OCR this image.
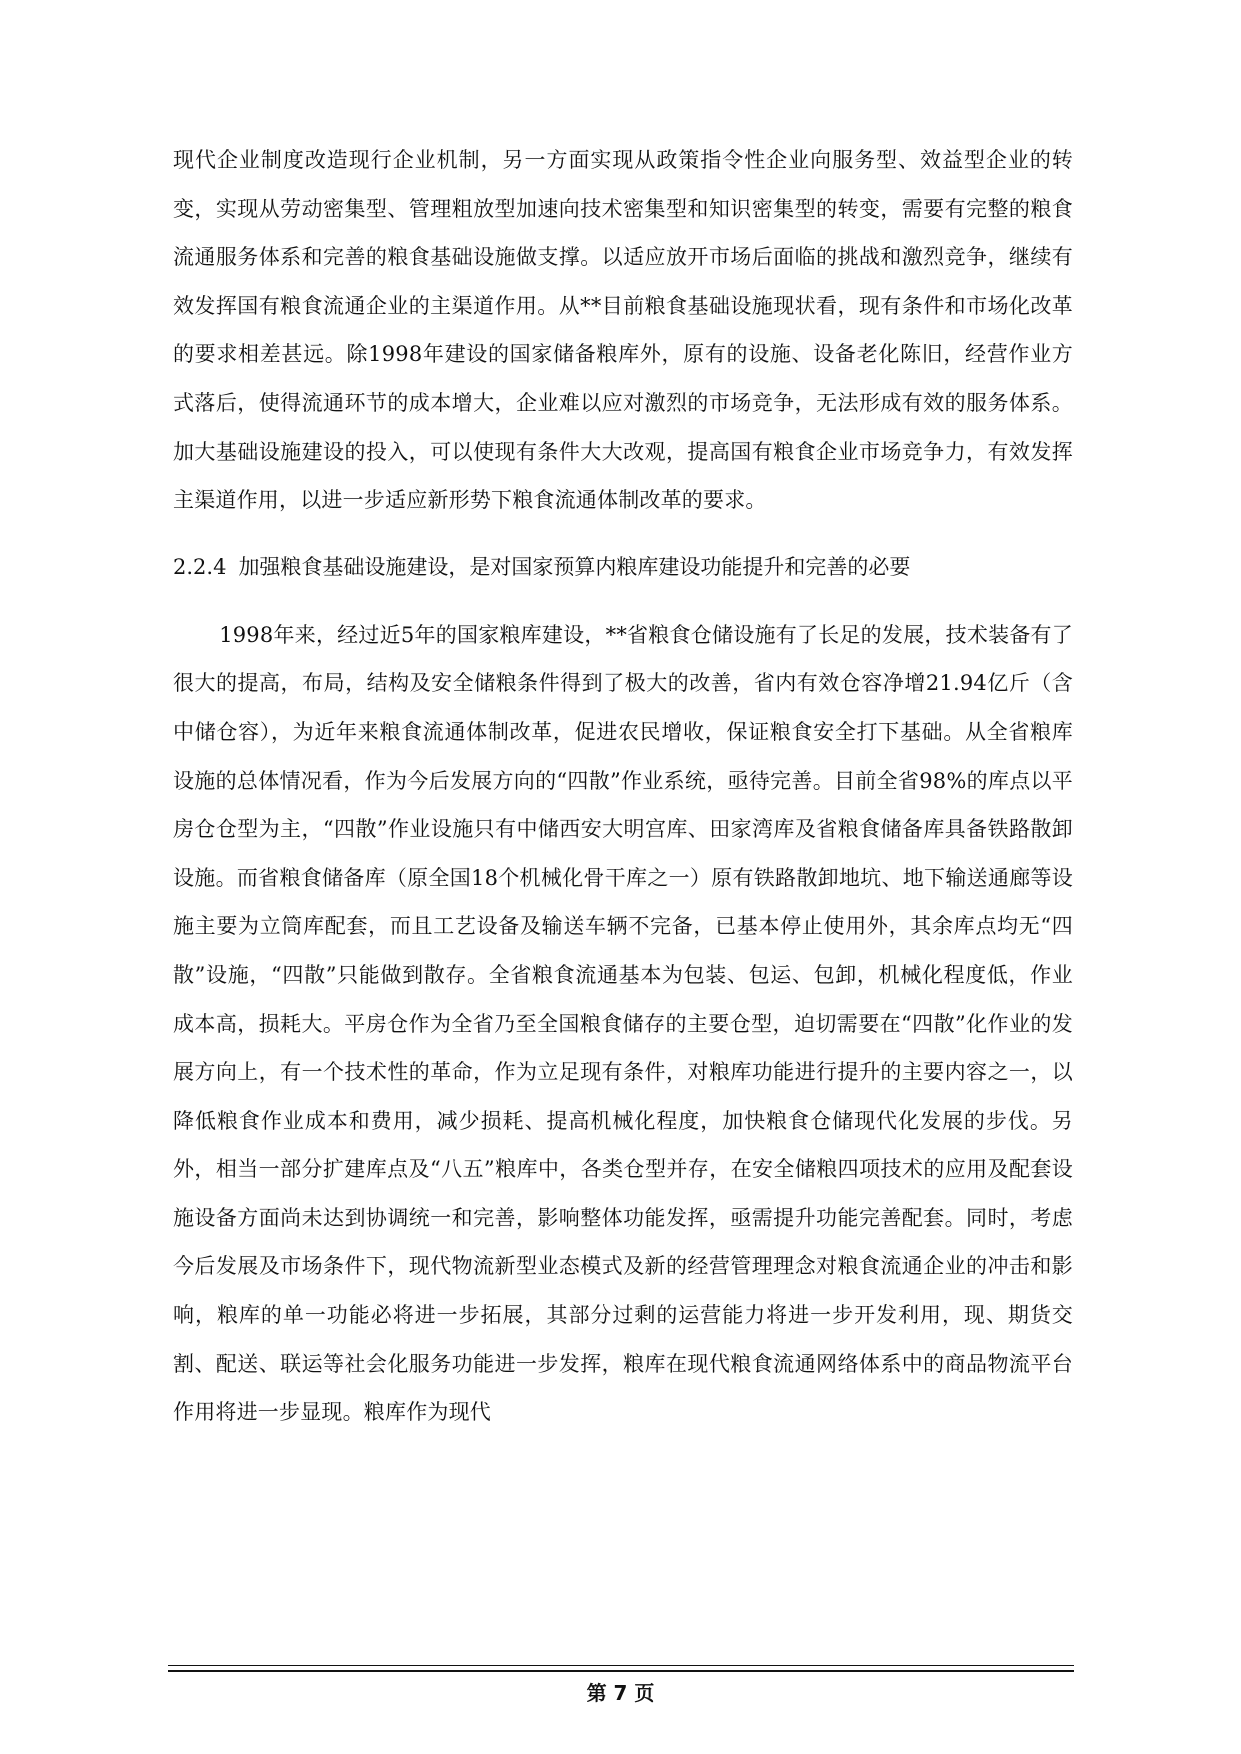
现代企业制度改造现行企业机制，另一方面实现从政策指令性企业向服务型、效益型企业的转变，实现从劳动密集型、管理粗放型加速向技术密集型和知识密集型的转变，需要有完整的粮食流通服务体系和完善的粮食基础设施做支撑。以适应放开市场后面临的挑战和激烈竞争，继续有效发挥国有粮食流通企业的主渠道作用。从**目前粮食基础设施现状看，现有条件和市场化改革的要求相差甚远。除1998年建设的国家储备粮库外，原有的设施、设备老化陈旧，经营作业方式落后，使得流通环节的成本增大，企业难以应对激烈的市场竞争，无法形成有效的服务体系。加大基础设施建设的投入，可以使现有条件大大改观，提高国有粮食企业市场竞争力，有效发挥主渠道作用，以进一步适应新形势下粮食流通体制改革的要求。

2.2.4 加强粮食基础设施建设，是对国家预算内粮库建设功能提升和完善的必要

1998年来，经过近5年的国家粮库建设，**省粮食仓储设施有了长足的发展，技术装备有了很大的提高，布局，结构及安全储粮条件得到了极大的改善，省内有效仓容净增21.94亿斤（含中储仓容），为近年来粮食流通体制改革，促进农民增收，保证粮食安全打下基础。从全省粮库设施的总体情况看，作为今后发展方向的“四散”作业系统，亟待完善。目前全省98%的库点以平房仓仓型为主，“四散”作业设施只有中储西安大明宫库、田家湾库及省粮食储备库具备铁路散卸设施。而省粮食储备库（原全国18个机械化骨干库之一）原有铁路散卸地坑、地下输送通廊等设施主要为立筒库配套，而且工艺设备及输送车辆不完备，已基本停止使用外，其余库点均无“四散”设施，“四散”只能做到散存。全省粮食流通基本为包装、包运、包卸，机械化程度低，作业成本高，损耗大。平房仓作为全省乃至全国粮食储存的主要仓型，迫切需要在“四散”化作业的发展方向上，有一个技术性的革命，作为立足现有条件，对粮库功能进行提升的主要内容之一，以降低粮食作业成本和费用，减少损耗、提高机械化程度，加快粮食仓储现代化发展的步伐。另外，相当一部分扩建库点及“八五”粮库中，各类仓型并存，在安全储粮四项技术的应用及配套设施设备方面尚未达到协调统一和完善，影响整体功能发挥，亟需提升功能完善配套。同时，考虑今后发展及市场条件下，现代物流新型业态模式及新的经营管理理念对粮食流通企业的冲击和影响，粮库的单一功能必将进一步拓展，其部分过剩的运营能力将进一步开发利用，现、期货交割、配送、联运等社会化服务功能进一步发挥，粮库在现代粮食流通网络体系中的商品物流平台作用将进一步显现。粮库作为现代

第 7 页
